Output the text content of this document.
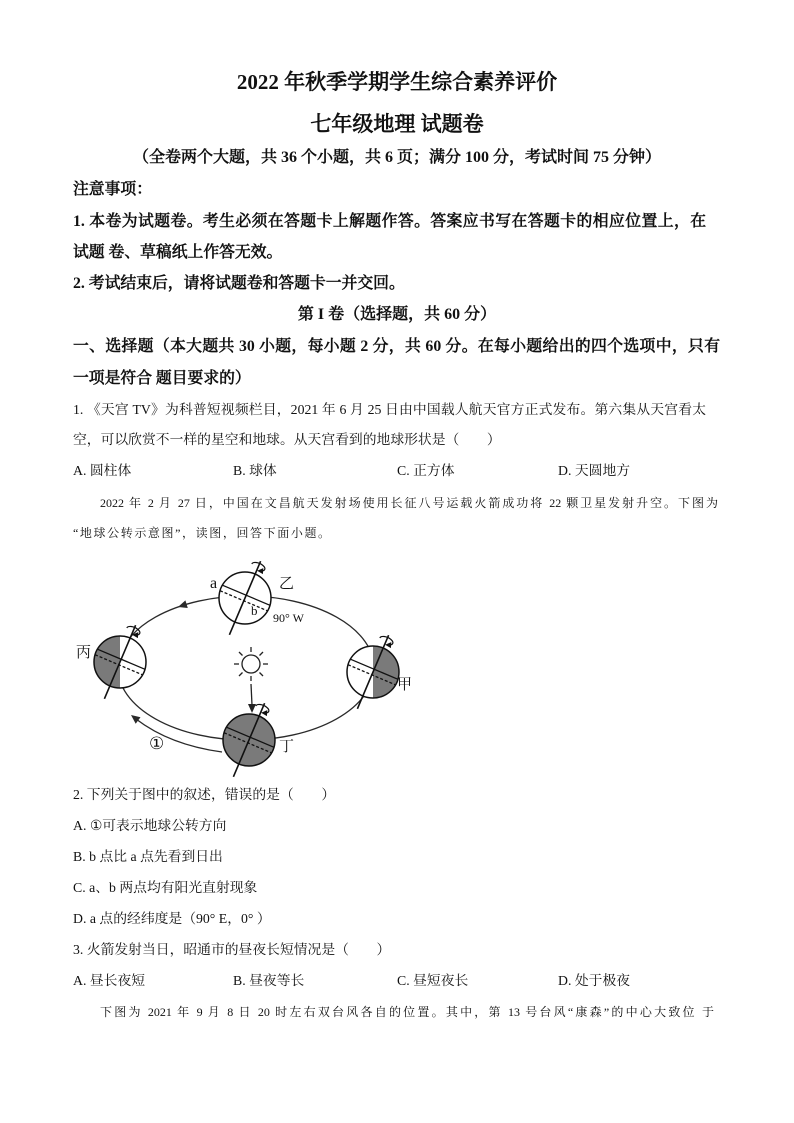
2022 年秋季学期学生综合素养评价
七年级地理 试题卷
（全卷两个大题，共 36 个小题，共 6 页；满分 100 分，考试时间 75 分钟）
注意事项：
1. 本卷为试题卷。考生必须在答题卡上解题作答。答案应书写在答题卡的相应位置上，在
试题 卷、草稿纸上作答无效。
2. 考试结束后，请将试题卷和答题卡一并交回。
第 I 卷（选择题，共 60 分）
一、选择题（本大题共 30 小题，每小题 2 分，共 60 分。在每小题给出的四个选项中，只有
一项是符合 题目要求的）
1. 《天宫 TV》为科普短视频栏目，2021 年 6 月 25 日由中国载人航天官方正式发布。第六集从天宫看太
空，可以欣赏不一样的星空和地球。从天宫看到的地球形状是（　　）
A. 圆柱体	B. 球体	C. 正方体	D. 天圆地方
2022 年 2 月 27 日，中国在文昌航天发射场使用长征八号运载火箭成功将 22 颗卫星发射升空。下图为
“地球公转示意图”，读图，回答下面小题。
a	乙
b 90° W
丙
甲
丁
①
2. 下列关于图中的叙述，错误的是（　　）
A. ①可表示地球公转方向
B. b 点比 a 点先看到日出
C. a、b 两点均有阳光直射现象
D. a 点的经纬度是（90° E，0° ）
3. 火箭发射当日，昭通市的昼夜长短情况是（　　）
A. 昼长夜短	B. 昼夜等长	C. 昼短夜长	D. 处于极夜
下图为 2021 年 9 月 8 日 20 时左右双台风各自的位置。其中，第 13 号台风“康森”的中心大致位 于
